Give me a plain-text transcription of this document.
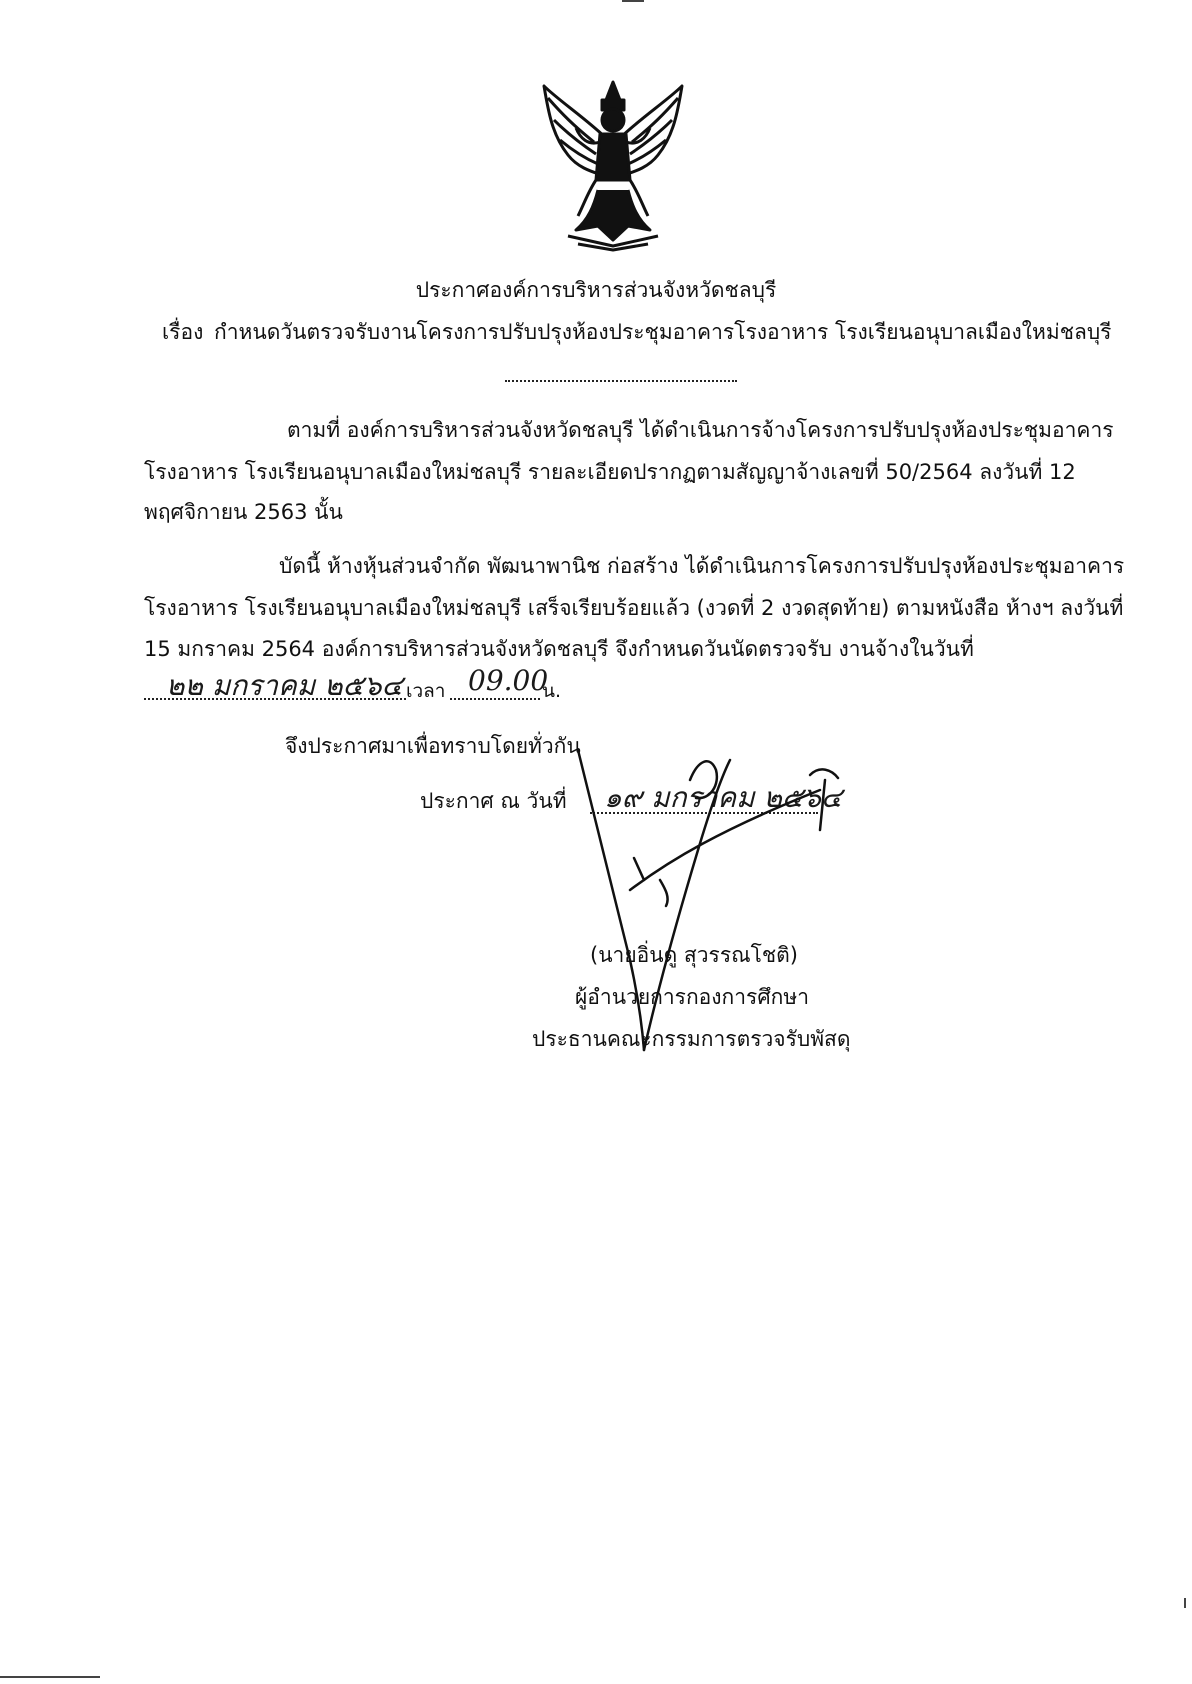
ประกาศองค์การบริหารส่วนจังหวัดชลบุรี
เรื่อง กำหนดวันตรวจรับงานโครงการปรับปรุงห้องประชุมอาคารโรงอาหาร โรงเรียนอนุบาลเมืองใหม่ชลบุรี
ตามที่ องค์การบริหารส่วนจังหวัดชลบุรี ได้ดำเนินการจ้างโครงการปรับปรุงห้องประชุมอาคาร
โรงอาหาร โรงเรียนอนุบาลเมืองใหม่ชลบุรี รายละเอียดปรากฏตามสัญญาจ้างเลขที่ 50/2564 ลงวันที่ 12
พฤศจิกายน 2563 นั้น
บัดนี้ ห้างหุ้นส่วนจำกัด พัฒนาพานิช ก่อสร้าง ได้ดำเนินการโครงการปรับปรุงห้องประชุมอาคาร
โรงอาหาร โรงเรียนอนุบาลเมืองใหม่ชลบุรี เสร็จเรียบร้อยแล้ว (งวดที่ 2 งวดสุดท้าย) ตามหนังสือ ห้างฯ ลงวันที่
15 มกราคม 2564 องค์การบริหารส่วนจังหวัดชลบุรี จึงกำหนดวันนัดตรวจรับ งานจ้างในวันที่
๒๒ มกราคม ๒๕๖๔ เวลา 09.00
น.
จึงประกาศมาเพื่อทราบโดยทั่วกัน
ประกาศ ณ วันที่ ๑๙ มกราคม ๒๕๖๔
(นายอิ่นดู สุวรรณโชติ)
ผู้อำนวยการกองการศึกษา
ประธานคณะกรรมการตรวจรับพัสดุ
